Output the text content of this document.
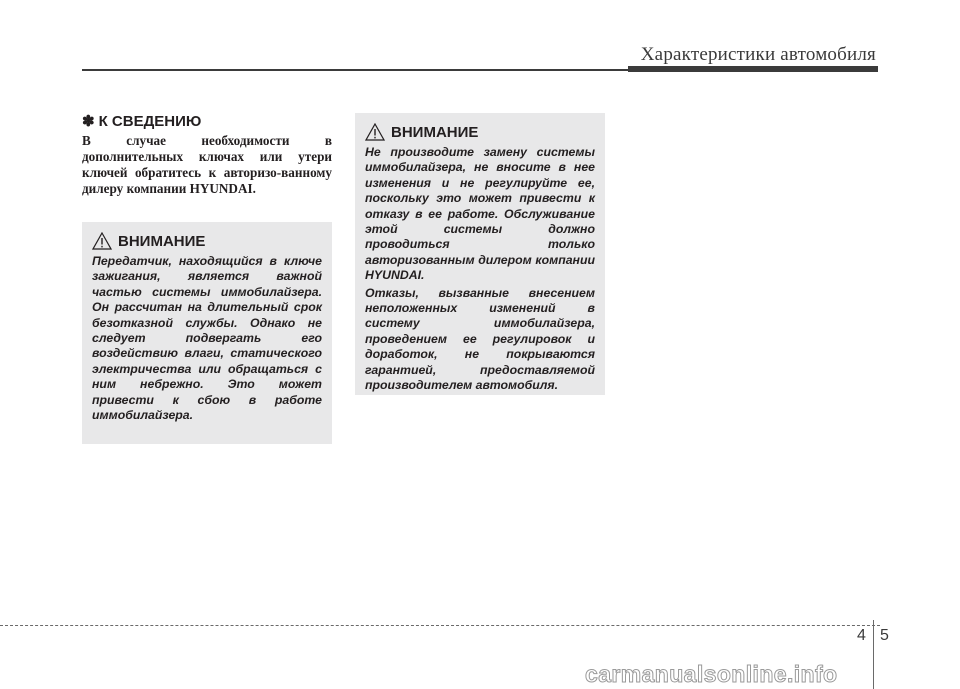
Характеристики автомобиля

✽ К СВЕДЕНИЮ

В случае необходимости в дополнительных ключах или утери ключей обратитесь к авторизо-ванному дилеру компании HYUNDAI.

ВНИМАНИЕ

Передатчик, находящийся в ключе зажигания, является важной частью системы иммобилайзера. Он рассчитан на длительный срок безотказной службы. Однако не следует подвергать его воздействию влаги, статического электричества или обращаться с ним небрежно. Это может привести к сбою в работе иммобилайзера.

ВНИМАНИЕ

Не производите замену системы иммобилайзера, не вносите в нее изменения и не регулируйте ее, поскольку это может привести к отказу в ее работе. Обслуживание этой системы должно проводиться только авторизованным дилером компании HYUNDAI.

Отказы, вызванные внесением неположенных изменений в систему иммобилайзера, проведением ее регулировок и доработок, не покрываются гарантией, предоставляемой производителем автомобиля.

4 5
carmanualsonline.info
